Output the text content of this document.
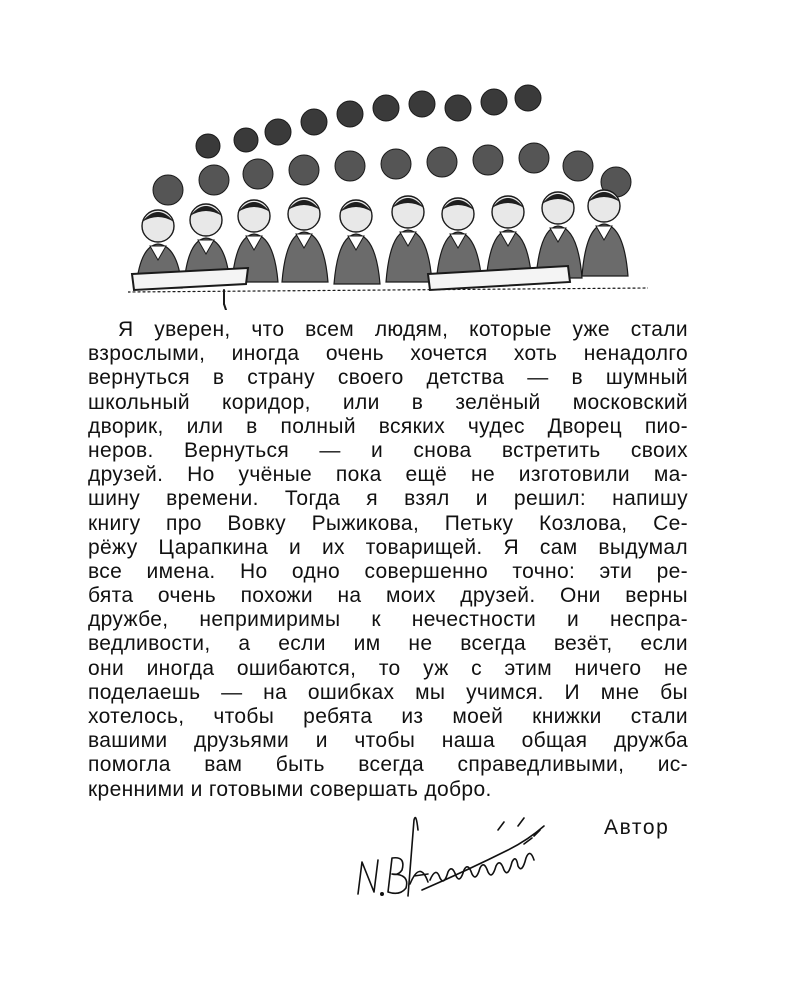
Я уверен, что всем людям, которые уже стали
взрослыми, иногда очень хочется хоть ненадолго
вернуться в страну своего детства — в шумный
школьный коридор, или в зелёный московский
дворик, или в полный всяких чудес Дворец пио-
неров. Вернуться — и снова встретить своих
друзей. Но учёные пока ещё не изготовили ма-
шину времени. Тогда я взял и решил: напишу
книгу про Вовку Рыжикова, Петьку Козлова, Се-
рёжу Царапкина и их товарищей. Я сам выдумал
все имена. Но одно совершенно точно: эти ре-
бята очень похожи на моих друзей. Они верны
дружбе, непримиримы к нечестности и неспра-
ведливости, а если им не всегда везёт, если
они иногда ошибаются, то уж с этим ничего не
поделаешь — на ошибках мы учимся. И мне бы
хотелось, чтобы ребята из моей книжки стали
вашими друзьями и чтобы наша общая дружба
помогла вам быть всегда справедливыми, ис-
кренними и готовыми совершать добро.
Автор
